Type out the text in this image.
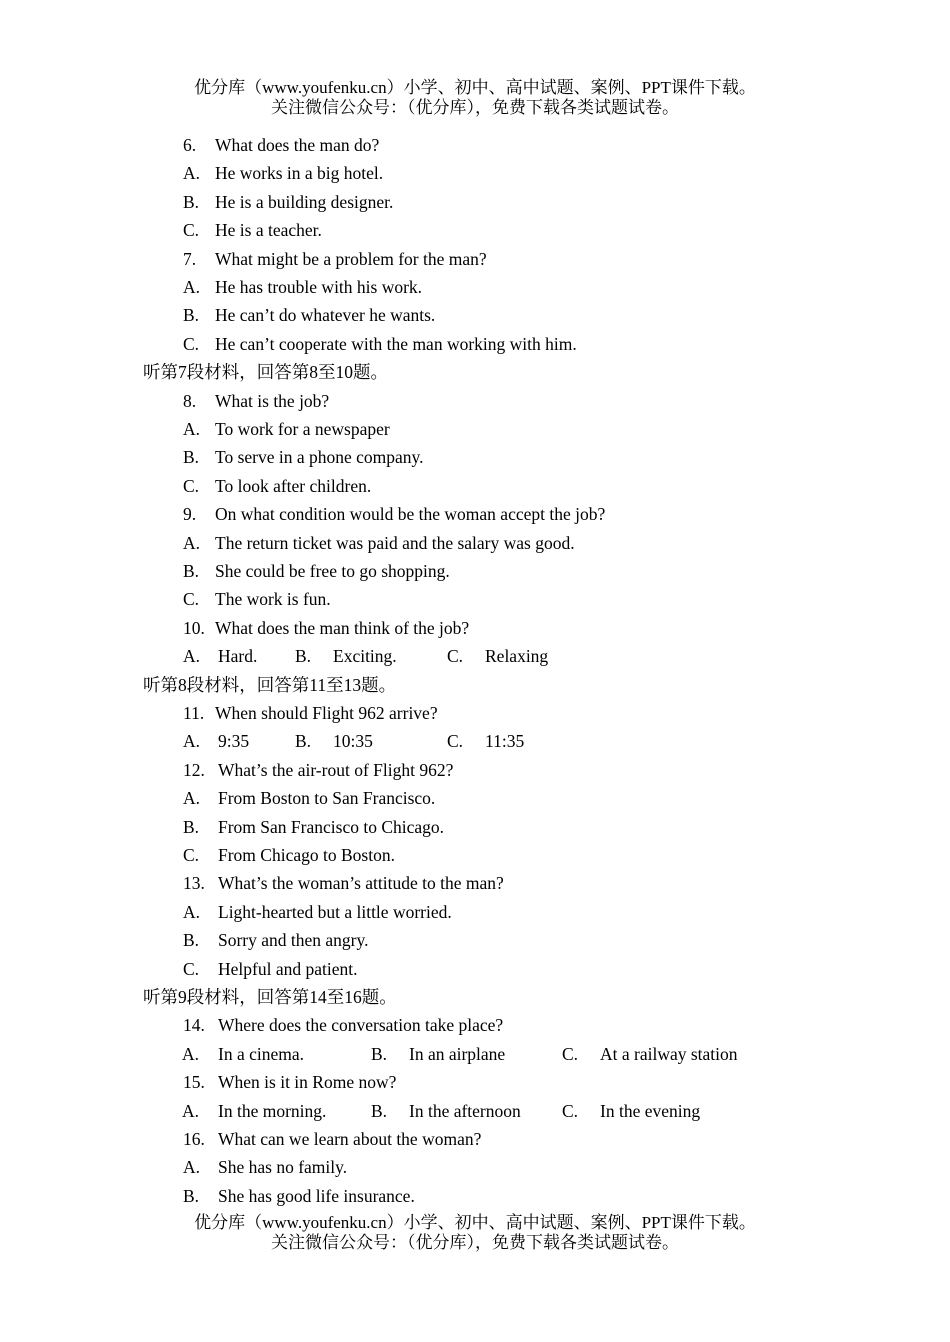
优分库（www.youfenku.cn）小学、初中、高中试题、案例、PPT课件下载。
关注微信公众号：（优分库），免费下载各类试题试卷。
6. What does the man do?
A. He works in a big hotel.
B. He is a building designer.
C. He is a teacher.
7. What might be a problem for the man?
A. He has trouble with his work.
B. He can’t do whatever he wants.
C. He can’t cooperate with the man working with him.
听第7段材料，回答第8至10题。
8. What is the job?
A. To work for a newspaper
B. To serve in a phone company.
C. To look after children.
9. On what condition would be the woman accept the job?
A. The return ticket was paid and the salary was good.
B. She could be free to go shopping.
C. The work is fun.
10. What does the man think of the job?
A. Hard. B. Exciting.	C. Relaxing
听第8段材料，回答第11至13题。
11. When should Flight 962 arrive?
A. 9:35	B. 10:35	C. 11:35
12. What’s the air-rout of Flight 962?
A. From Boston to San Francisco.
B. From San Francisco to Chicago.
C. From Chicago to Boston.
13. What’s the woman’s attitude to the man?
A. Light-hearted but a little worried.
B. Sorry and then angry.
C. Helpful and patient.
听第9段材料，回答第14至16题。
14. Where does the conversation take place?
A. In a cinema.	B. In an airplane	C. At a railway station
15. When is it in Rome now?
A. In the morning.	B. In the afternoon C. In the evening
16. What can we learn about the woman?
A. She has no family.
B. She has good life insurance.
优分库（www.youfenku.cn）小学、初中、高中试题、案例、PPT课件下载。
关注微信公众号：（优分库），免费下载各类试题试卷。
